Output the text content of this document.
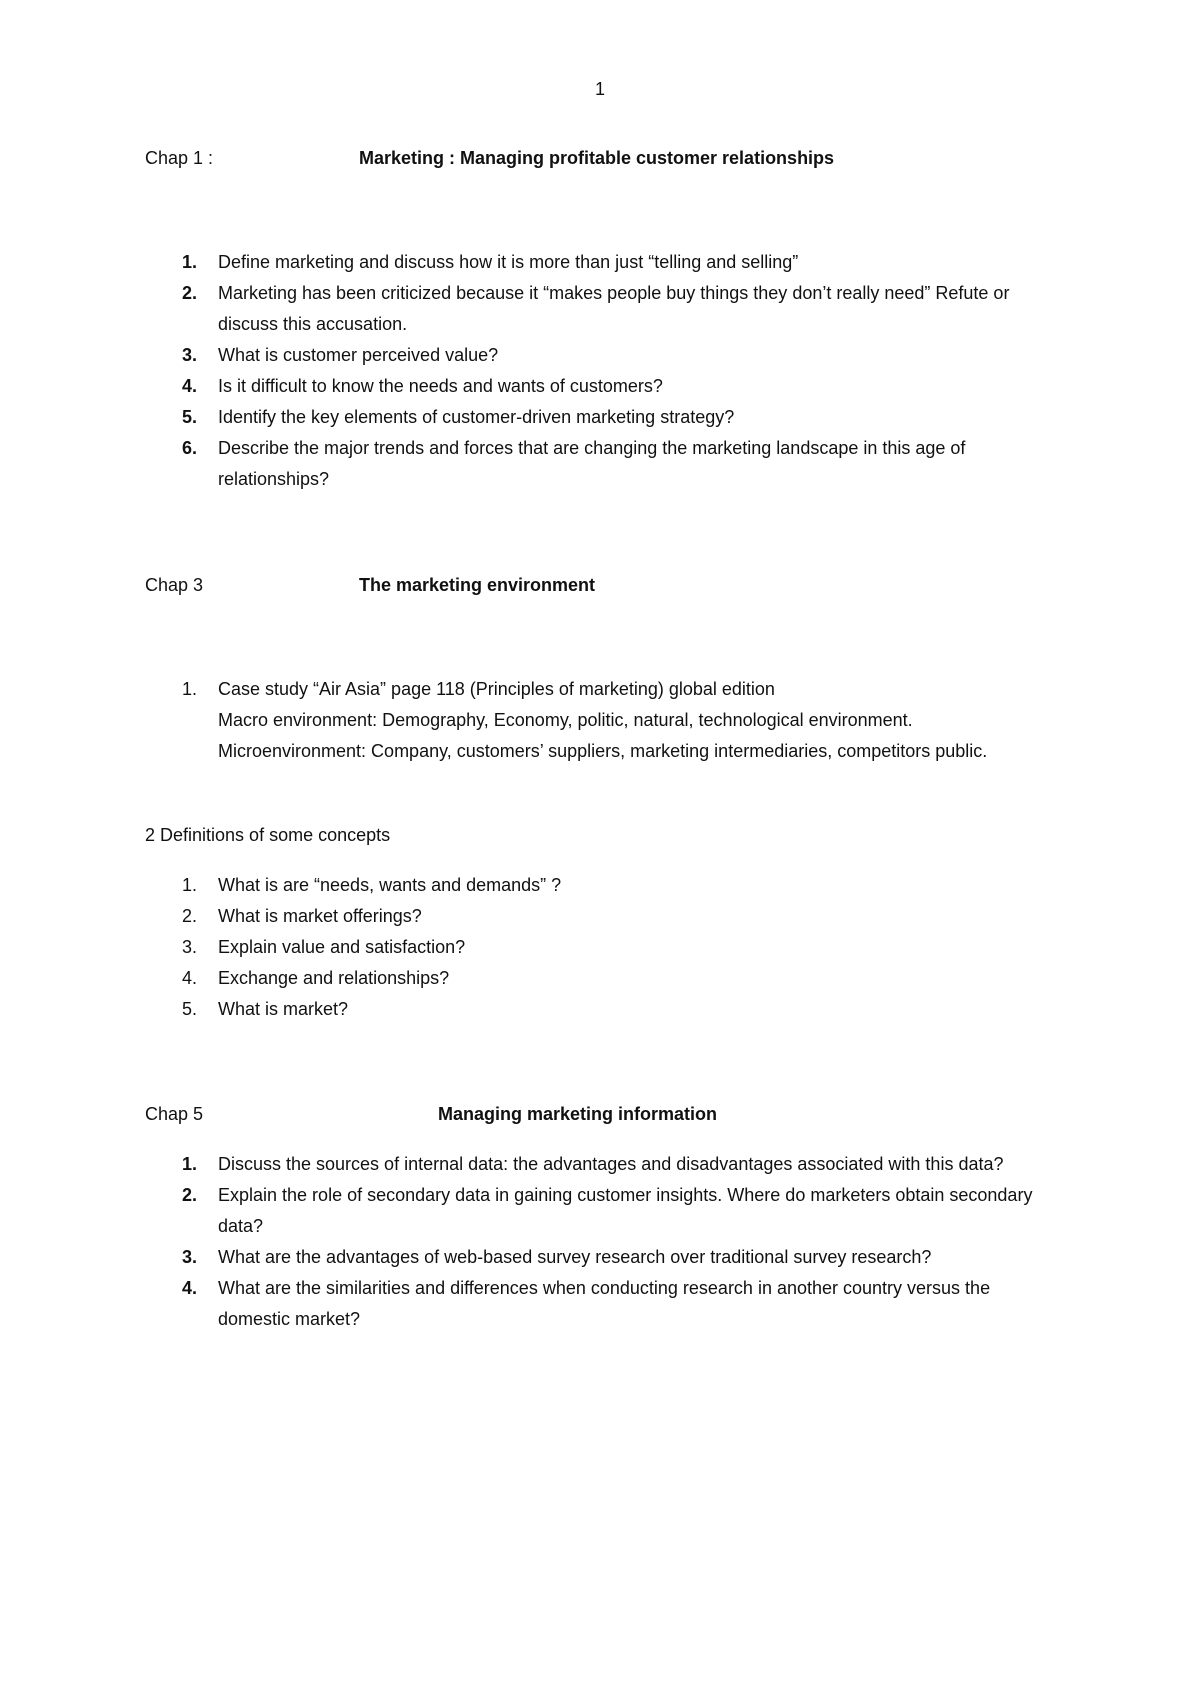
1
Chap 1 :	Marketing : Managing profitable customer relationships
1. Define marketing and discuss how it is more than just “telling and selling”
2. Marketing has been criticized because it “makes people buy things they don’t really need” Refute or discuss this accusation.
3. What is customer perceived value?
4. Is it difficult to know the needs and wants of customers?
5. Identify the key elements of customer-driven marketing strategy?
6. Describe the major trends and forces that are changing the marketing landscape in this age of relationships?
Chap 3	The marketing environment
1. Case study “Air Asia” page 118 (Principles of marketing) global edition
Macro environment: Demography, Economy, politic, natural, technological environment.
Microenvironment: Company, customers’ suppliers, marketing intermediaries, competitors public.
2 Definitions of some concepts
1. What is are “needs, wants and demands” ?
2. What is market offerings?
3. Explain value and satisfaction?
4. Exchange and relationships?
5. What is market?
Chap 5	Managing marketing information
1. Discuss the sources of internal data: the advantages and disadvantages associated with this data?
2. Explain the role of secondary data in gaining customer insights. Where do marketers obtain secondary data?
3. What are the advantages of web-based survey research over traditional survey research?
4. What are the similarities and differences when conducting research in another country versus the domestic market?
